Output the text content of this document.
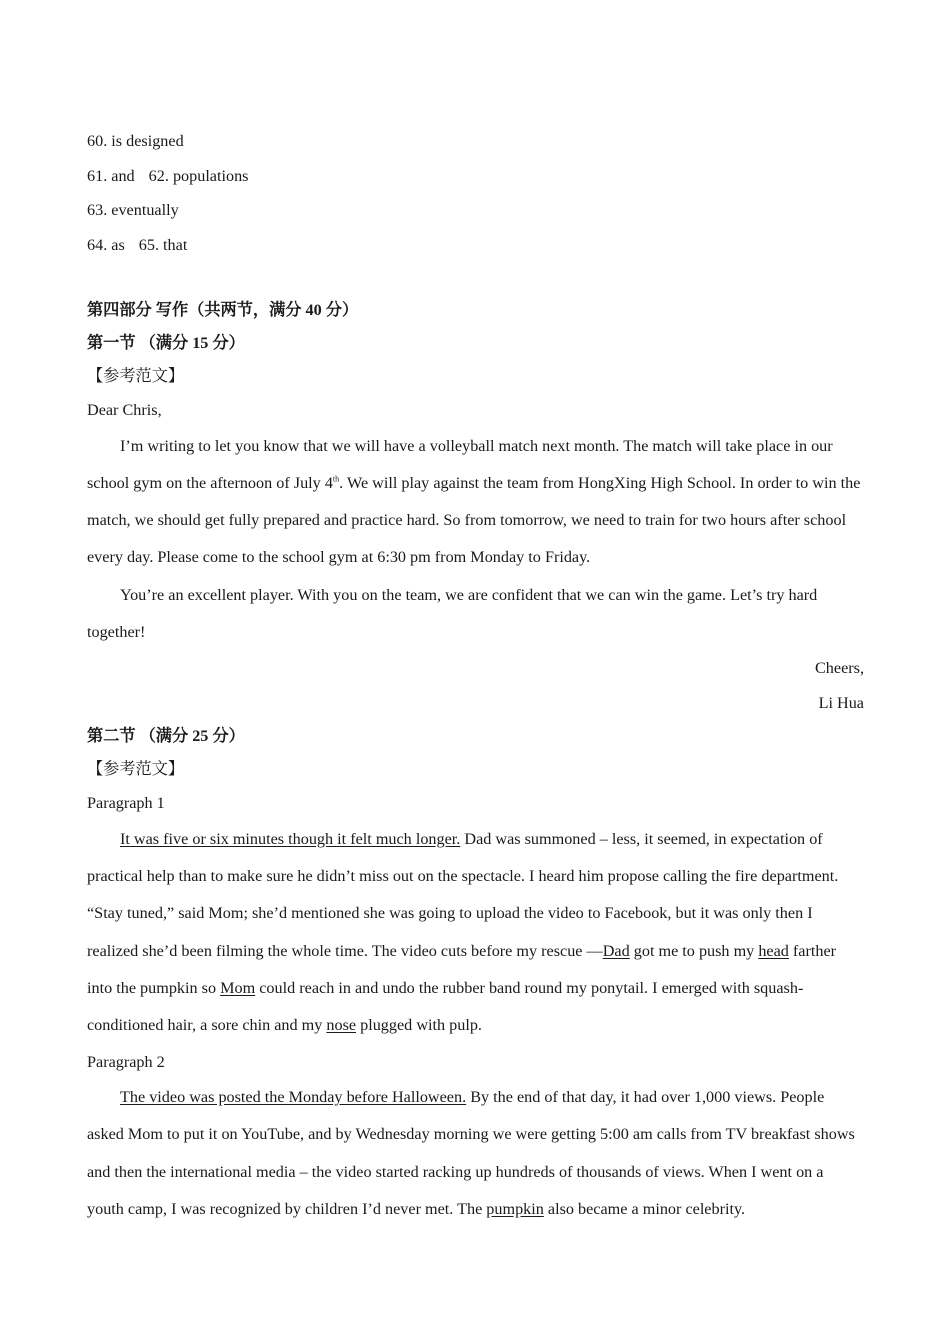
60. is designed
61. and 62. populations
63. eventually
64. as 65. that
第四部分 写作（共两节，满分 40 分）
第一节 （满分 15 分）
【参考范文】
Dear Chris,

I’m writing to let you know that we will have a volleyball match next month. The match will take place in our school gym on the afternoon of July 4th. We will play against the team from HongXing High School. In order to win the match, we should get fully prepared and practice hard. So from tomorrow, we need to train for two hours after school every day. Please come to the school gym at 6:30 pm from Monday to Friday.

You’re an excellent player. With you on the team, we are confident that we can win the game. Let’s try hard together!

Cheers,
Li Hua
第二节 （满分 25 分）
【参考范文】
Paragraph 1

It was five or six minutes though it felt much longer. Dad was summoned – less, it seemed, in expectation of practical help than to make sure he didn’t miss out on the spectacle. I heard him propose calling the fire department. “Stay tuned,” said Mom; she’d mentioned she was going to upload the video to Facebook, but it was only then I realized she’d been filming the whole time. The video cuts before my rescue —Dad got me to push my head farther into the pumpkin so Mom could reach in and undo the rubber band round my ponytail. I emerged with squash-conditioned hair, a sore chin and my nose plugged with pulp.

Paragraph 2

The video was posted the Monday before Halloween. By the end of that day, it had over 1,000 views. People asked Mom to put it on YouTube, and by Wednesday morning we were getting 5:00 am calls from TV breakfast shows and then the international media – the video started racking up hundreds of thousands of views. When I went on a youth camp, I was recognized by children I’d never met. The pumpkin also became a minor celebrity.
